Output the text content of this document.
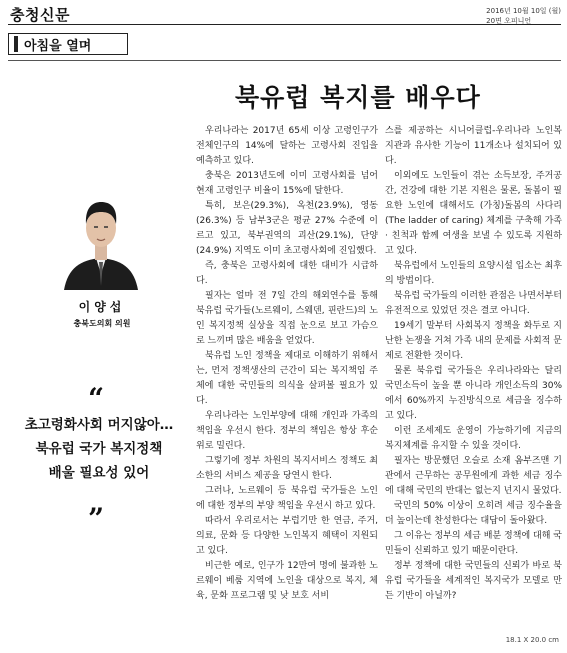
충청신문	2016년 10월 10일 (월)
20면 오피니언
아침을 열며
북유럽 복지를 배우다
이양섭
충북도의회 의원
“
초고령화사회 머지않아…
북유럽 국가 복지정책
배울 필요성 있어
”

우리나라는 2017년 65세 이상 고령인구가 전체인구의 14%에 달하는 고령사회 진입을 예측하고 있다.

충북은 2013년도에 이미 고령사회를 넘어 현재 고령인구 비율이 15%에 달한다.

특히, 보은(29.3%), 옥천(23.9%), 영동(26.3%) 등 남부3군은 평균 27% 수준에 이르고 있고, 북부권역의 괴산(29.1%), 단양(24.9%) 지역도 이미 초고령사회에 진입했다.

즉, 충북은 고령사회에 대한 대비가 시급하다.

필자는 얼마 전 7일 간의 해외연수를 통해 북유럽 국가들(노르웨이, 스웨덴, 핀란드)의 노인 복지정책 실상을 직접 눈으로 보고 가슴으로 느끼며 많은 배움을 얻었다.

북유럽 노인 정책을 제대로 이해하기 위해서는, 먼저 정책생산의 근간이 되는 복지책임 주체에 대한 국민들의 의식을 살펴볼 필요가 있다.

우리나라는 노인부양에 대해 개인과 가족의 책임을 우선시 한다. 정부의 책임은 항상 후순위로 밀린다.

그렇기에 정부 차원의 복지서비스 정책도 최소한의 서비스 제공을 당연시 한다.

그러나, 노르웨이 등 북유럽 국가들은 노인에 대한 정부의 부양 책임을 우선시 하고 있다.

따라서 우리로서는 부럽기만 한 연금, 주거, 의료, 문화 등 다양한 노인복지 혜택이 지원되고 있다.

비근한 예로, 인구가 12만여 명에 불과한 노르웨이 베룸 지역에 노인을 대상으로 복지, 체육, 문화 프로그램 및 낮 보호 서비

스를 제공하는 시니어클럽-우리나라 노인복지관과 유사한 기능이 11개소나 설치되어 있다.

이외에도 노인들이 겪는 소득보장, 주거공간, 건강에 대한 기본 지원은 물론, 돌봄이 필요한 노인에 대해서도 (가칭)돌봄의 사다리(The ladder of caring) 체계를 구축해 가족 · 친척과 함께 여생을 보낼 수 있도록 지원하고 있다.

북유럽에서 노인들의 요양시설 입소는 최후의 방법이다.

북유럽 국가들의 이러한 관점은 나면서부터 유전적으로 있었던 것은 결코 아니다.

19세기 말부터 사회복지 정책을 화두로 지난한 논쟁을 거쳐 가족 내의 문제를 사회적 문제로 전환한 것이다.

물론 북유럽 국가들은 우리나라와는 달리 국민소득이 높을 뿐 아니라 개인소득의 30%에서 60%까지 누진방식으로 세금을 징수하고 있다.

이런 조세제도 운영이 가능하기에 지금의 복지체계를 유지할 수 있을 것이다.

필자는 방문했던 오슬로 소재 옴부즈맨 기관에서 근무하는 공무원에게 과한 세금 징수에 대해 국민의 반대는 없는지 넌지시 물었다.

국민의 50% 이상이 오히려 세금 징수율을 더 높이는데 찬성한다는 대답이 돌아왔다.

그 이유는 정부의 세금 배분 정책에 대해 국민들이 신뢰하고 있기 때문이란다.

정부 정책에 대한 국민들의 신뢰가 바로 북유럽 국가들을 세계적인 복지국가 모델로 만든 기반이 아닐까?

18.1 X 20.0 cm
